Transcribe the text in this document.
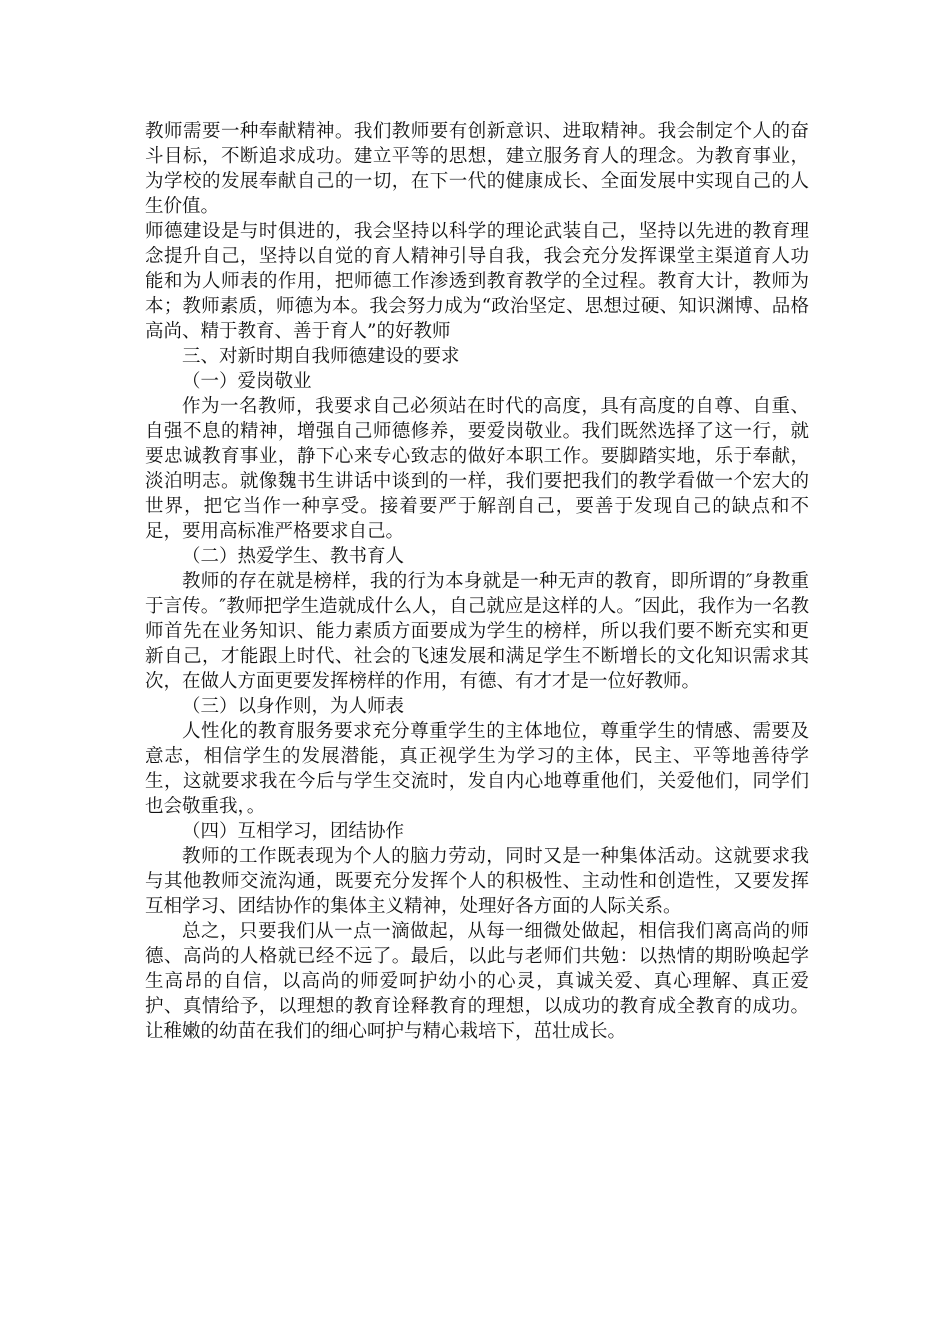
教师需要一种奉献精神。我们教师要有创新意识、进取精神。我会制定个人的奋斗目标，不断追求成功。建立平等的思想，建立服务育人的理念。为教育事业，为学校的发展奉献自己的一切，在下一代的健康成长、全面发展中实现自己的人生价值。

师德建设是与时俱进的，我会坚持以科学的理论武装自己，坚持以先进的教育理念提升自己，坚持以自觉的育人精神引导自我，我会充分发挥课堂主渠道育人功能和为人师表的作用，把师德工作渗透到教育教学的全过程。教育大计，教师为本；教师素质，师德为本。我会努力成为“政治坚定、思想过硬、知识渊博、品格高尚、精于教育、善于育人”的好教师

三、对新时期自我师德建设的要求

（一）爱岗敬业

作为一名教师，我要求自己必须站在时代的高度，具有高度的自尊、自重、自强不息的精神，增强自己师德修养，要爱岗敬业。我们既然选择了这一行，就要忠诚教育事业，静下心来专心致志的做好本职工作。要脚踏实地，乐于奉献，淡泊明志。就像魏书生讲话中谈到的一样，我们要把我们的教学看做一个宏大的世界，把它当作一种享受。接着要严于解剖自己，要善于发现自己的缺点和不足，要用高标准严格要求自己。

（二）热爱学生、教书育人

教师的存在就是榜样，我的行为本身就是一种无声的教育，即所谓的″身教重于言传。″教师把学生造就成什么人，自己就应是这样的人。″因此，我作为一名教师首先在业务知识、能力素质方面要成为学生的榜样，所以我们要不断充实和更新自己，才能跟上时代、社会的飞速发展和满足学生不断增长的文化知识需求其次，在做人方面更要发挥榜样的作用，有德、有才才是一位好教师。

（三）以身作则，为人师表

人性化的教育服务要求充分尊重学生的主体地位，尊重学生的情感、需要及意志，相信学生的发展潜能，真正视学生为学习的主体，民主、平等地善待学生，这就要求我在今后与学生交流时，发自内心地尊重他们，关爱他们，同学们也会敬重我，。

（四）互相学习，团结协作

教师的工作既表现为个人的脑力劳动，同时又是一种集体活动。这就要求我与其他教师交流沟通，既要充分发挥个人的积极性、主动性和创造性，又要发挥互相学习、团结协作的集体主义精神，处理好各方面的人际关系。

总之，只要我们从一点一滴做起，从每一细微处做起，相信我们离高尚的师德、高尚的人格就已经不远了。最后，以此与老师们共勉：以热情的期盼唤起学生高昂的自信，以高尚的师爱呵护幼小的心灵，真诚关爱、真心理解、真正爱护、真情给予，以理想的教育诠释教育的理想，以成功的教育成全教育的成功。让稚嫩的幼苗在我们的细心呵护与精心栽培下，茁壮成长。
